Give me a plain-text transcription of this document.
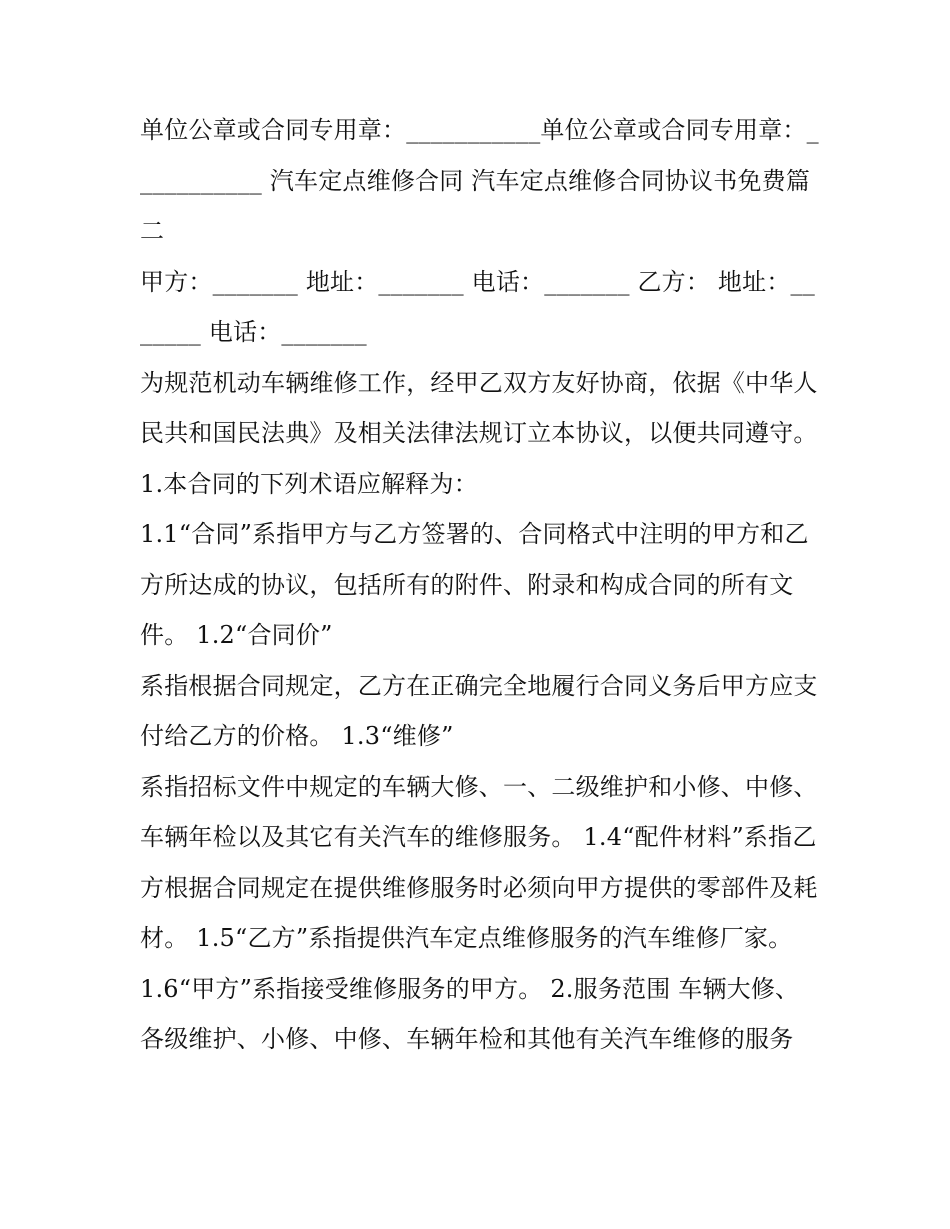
单位公章或合同专用章：___________单位公章或合同专用章：___________ 汽车定点维修合同 汽车定点维修合同协议书免费篇二

甲方：_______ 地址：_______ 电话：_______ 乙方： 地址：_______ 电话：_______

为规范机动车辆维修工作，经甲乙双方友好协商，依据《中华人民共和国民法典》及相关法律法规订立本协议，以便共同遵守。 1.本合同的下列术语应解释为：

1.1“合同”系指甲方与乙方签署的、合同格式中注明的甲方和乙方所达成的协议，包括所有的附件、附录和构成合同的所有文件。 1.2“合同价”

系指根据合同规定，乙方在正确完全地履行合同义务后甲方应支付给乙方的价格。 1.3“维修”

系指招标文件中规定的车辆大修、一、二级维护和小修、中修、车辆年检以及其它有关汽车的维修服务。 1.4“配件材料”系指乙方根据合同规定在提供维修服务时必须向甲方提供的零部件及耗材。 1.5“乙方”系指提供汽车定点维修服务的汽车维修厂家。

1.6“甲方”系指接受维修服务的甲方。 2.服务范围 车辆大修、各级维护、小修、中修、车辆年检和其他有关汽车维修的服务
